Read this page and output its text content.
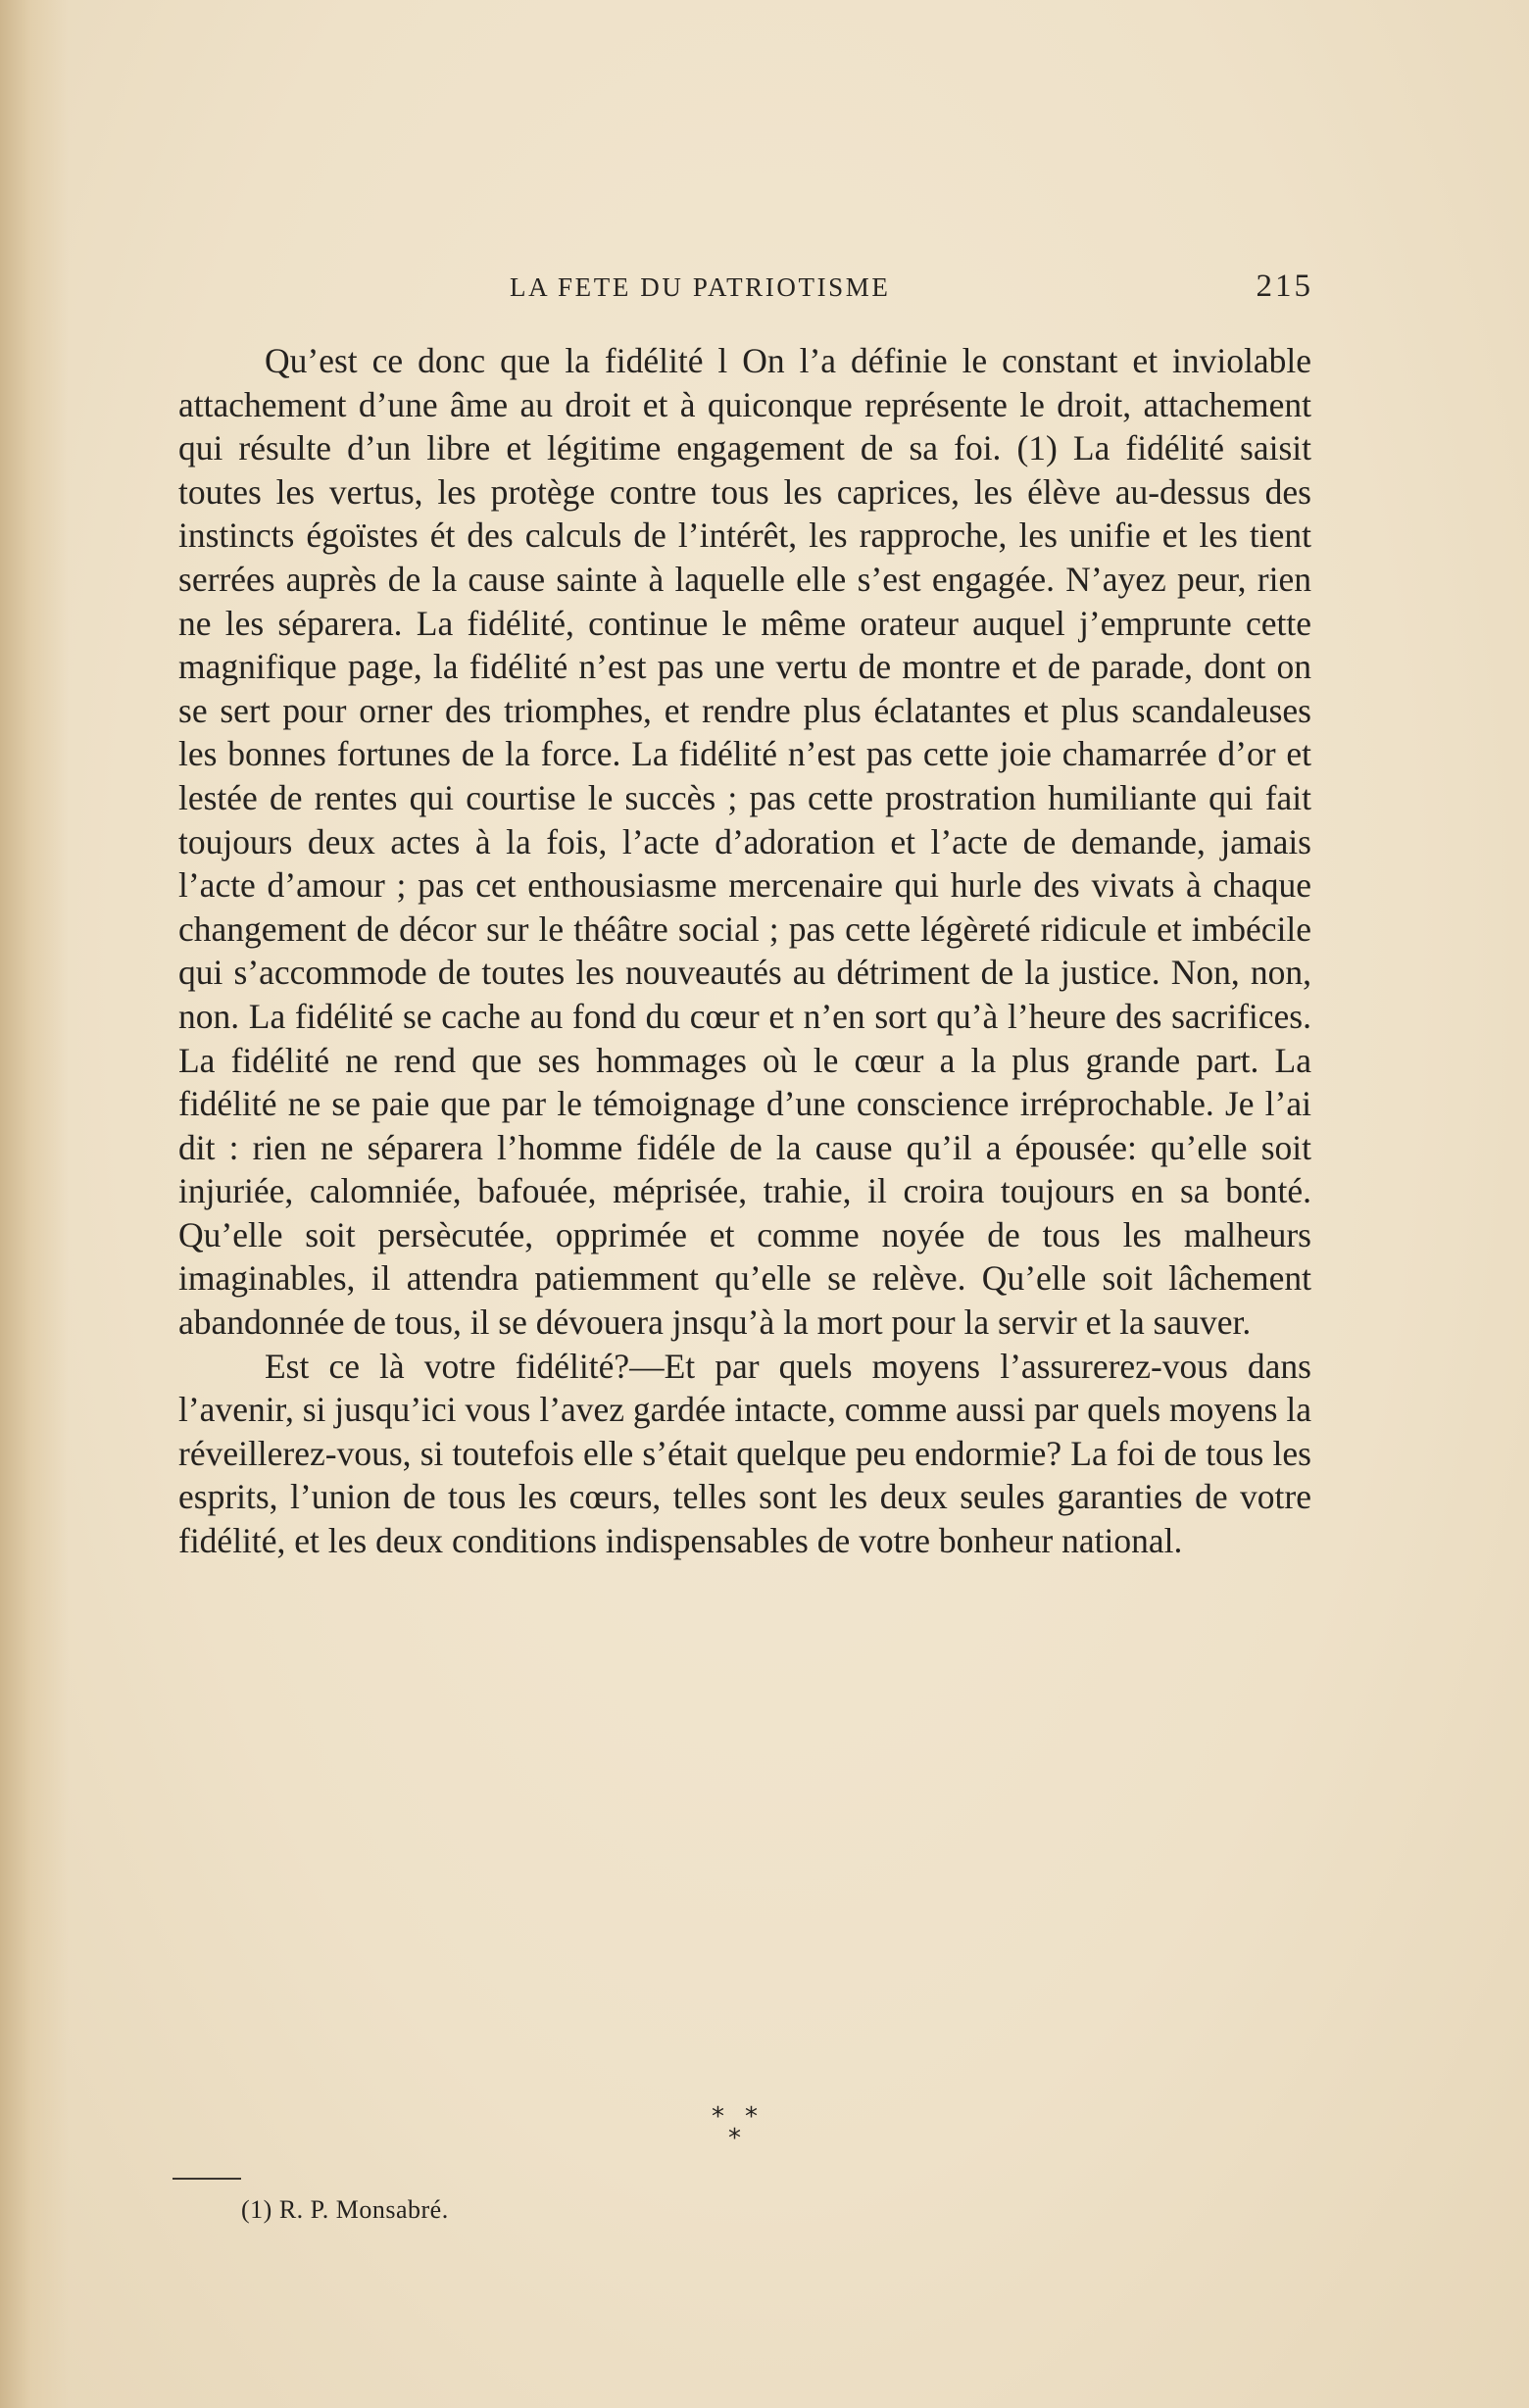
LA FETE DU PATRIOTISME	215

Qu’est ce donc que la fidélité l On l’a définie le constant et inviolable attachement d’une âme au droit et à quiconque représente le droit, attachement qui résulte d’un libre et légitime engagement de sa foi. (1) La fidélité saisit toutes les vertus, les protège contre tous les caprices, les élève au-dessus des instincts égoïstes ét des calculs de l’intérêt, les rapproche, les unifie et les tient serrées auprès de la cause sainte à laquelle elle s’est engagée. N’ayez peur, rien ne les séparera. La fidélité, continue le même orateur auquel j’emprunte cette magnifique page, la fidélité n’est pas une vertu de montre et de parade, dont on se sert pour orner des triomphes, et rendre plus éclatantes et plus scandaleuses les bonnes fortunes de la force. La fidélité n’est pas cette joie chamarrée d’or et lestée de rentes qui courtise le succès ; pas cette prostration humiliante qui fait toujours deux actes à la fois, l’acte d’adoration et l’acte de demande, jamais l’acte d’amour ; pas cet enthousiasme mercenaire qui hurle des vivats à chaque changement de décor sur le théâtre social ; pas cette légèreté ridicule et imbécile qui s’accommode de toutes les nouveautés au détriment de la justice. Non, non, non. La fidélité se cache au fond du cœur et n’en sort qu’à l’heure des sacrifices. La fidélité ne rend que ses hommages où le cœur a la plus grande part. La fidélité ne se paie que par le témoignage d’une conscience irréprochable. Je l’ai dit : rien ne séparera l’homme fidéle de la cause qu’il a épousée: qu’elle soit injuriée, calomniée, bafouée, méprisée, trahie, il croira toujours en sa bonté. Qu’elle soit persècutée, opprimée et comme noyée de tous les malheurs imaginables, il attendra patiemment qu’elle se relève. Qu’elle soit lâchement abandonnée de tous, il se dévouera jnsqu’à la mort pour la servir et la sauver.

Est ce là votre fidélité?—Et par quels moyens l’assurerez-vous dans l’avenir, si jusqu’ici vous l’avez gardée intacte, comme aussi par quels moyens la réveillerez-vous, si toutefois elle s’était quelque peu endormie? La foi de tous les esprits, l’union de tous les cœurs, telles sont les deux seules garanties de votre fidélité, et les deux conditions indispensables de votre bonheur national.

* *
*
(1) R. P. Monsabré.
